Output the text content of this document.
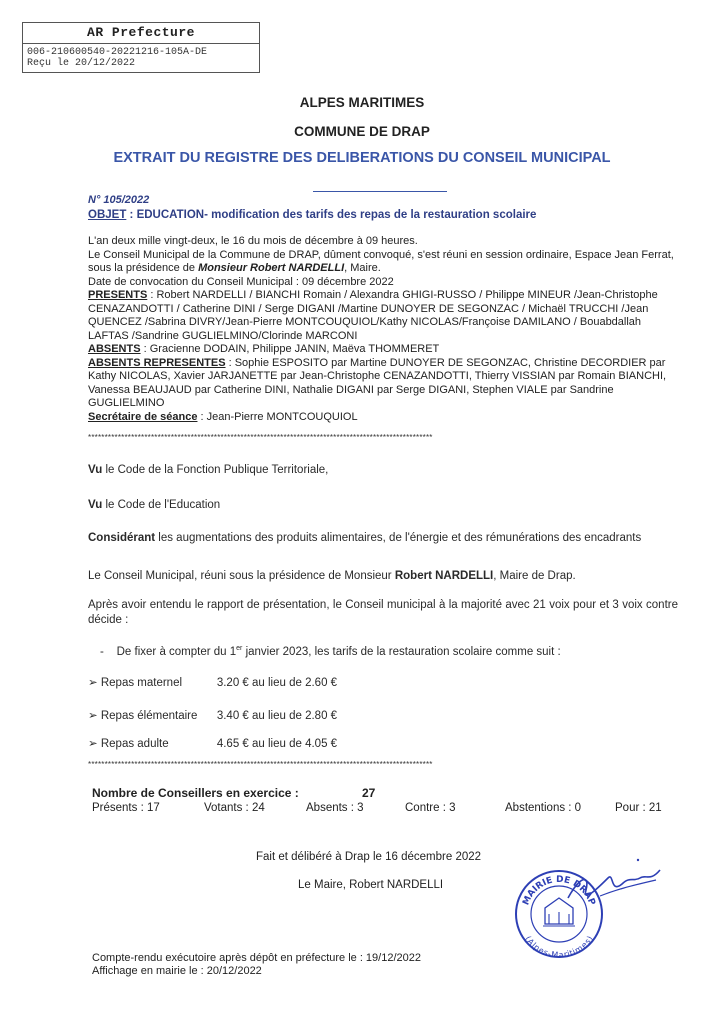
AR Prefecture
006-210600540-20221216-105A-DE
Reçu le 20/12/2022
ALPES MARITIMES
COMMUNE DE DRAP
EXTRAIT DU REGISTRE DES DELIBERATIONS DU CONSEIL MUNICIPAL
N° 105/2022
OBJET : EDUCATION- modification des tarifs des repas de la restauration scolaire

L'an deux mille vingt-deux, le 16 du mois de décembre à 09 heures.

Le Conseil Municipal de la Commune de DRAP, dûment convoqué, s'est réuni en session ordinaire, Espace Jean Ferrat, sous la présidence de Monsieur Robert NARDELLI, Maire.

Date de convocation du Conseil Municipal : 09 décembre 2022

PRESENTS : Robert NARDELLI / BIANCHI Romain / Alexandra GHIGI-RUSSO / Philippe MINEUR /Jean-Christophe CENAZANDOTTI / Catherine DINI / Serge DIGANI /Martine DUNOYER DE SEGONZAC / Michaël TRUCCHI /Jean QUENCEZ /Sabrina DIVRY/Jean-Pierre MONTCOUQUIOL/Kathy NICOLAS/Françoise DAMILANO / Bouabdallah LAFTAS /Sandrine GUGLIELMINO/Clorinde MARCONI

ABSENTS : Gracienne DODAIN, Philippe JANIN, Maëva THOMMERET

ABSENTS REPRESENTES : Sophie ESPOSITO par Martine DUNOYER DE SEGONZAC, Christine DECORDIER par Kathy NICOLAS, Xavier JARJANETTE par Jean-Christophe CENAZANDOTTI, Thierry VISSIAN par Romain BIANCHI, Vanessa BEAUJAUD par Catherine DINI, Nathalie DIGANI par Serge DIGANI, Stephen VIALE par Sandrine GUGLIELMINO

Secrétaire de séance : Jean-Pierre MONTCOUQUIOL

********************************************************************************************************
Vu le Code de la Fonction Publique Territoriale,
Vu le Code de l'Education
Considérant les augmentations des produits alimentaires, de l'énergie et des rémunérations des encadrants
Le Conseil Municipal, réuni sous la présidence de Monsieur Robert NARDELLI, Maire de Drap.
Après avoir entendu le rapport de présentation, le Conseil municipal à la majorité avec 21 voix pour et 3 voix contre décide :
- De fixer à compter du 1er janvier 2023, les tarifs de la restauration scolaire comme suit :
➢ Repas maternel	3.20 € au lieu de 2.60 €
➢ Repas élémentaire 3.40 € au lieu de 2.80 €
➢ Repas adulte	4.65 € au lieu de 4.05 €
********************************************************************************************************
Nombre de Conseillers en exercice :	27
Présents : 17	Votants : 24	Absents : 3	Contre : 3	Abstentions : 0	Pour : 21
Fait et délibéré à Drap le 16 décembre 2022
Le Maire, Robert NARDELLI
MAIRIE DE DRAP
(Alpes-Maritimes)
Compte-rendu exécutoire après dépôt en préfecture le : 19/12/2022
Affichage en mairie le : 20/12/2022
